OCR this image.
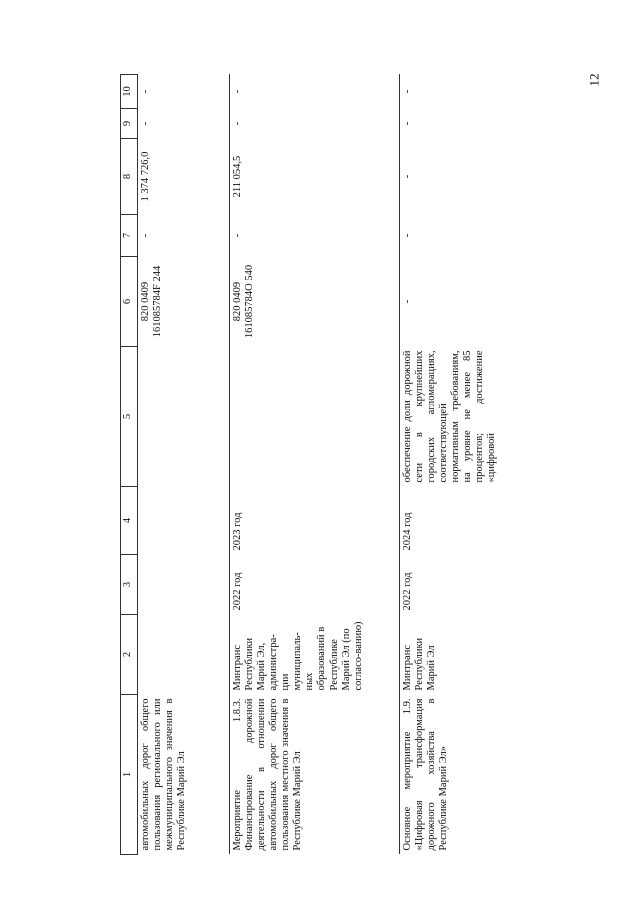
12
1	2	3	4	5	6	7	8	9	10
автомобильных дорог общего пользования регионального или межмуниципального значения в Республике Марий Эл					820 0409 161085784F 244	-	1 374 726,0	-	-
Мероприятие 1.8.3. Финансирование дорожной деятельности в отношении автомобильных дорог общего пользования местного значения в Республике Марий Эл	Минтранс Республики Марий Эл, администра-ции муниципаль-ных образований в Республике Марий Эл (по согласо-ванию)	2022 год	2023 год		820 0409 161085784O 540	-	211 054,5	-	-
Основное мероприятие 1.9. «Цифровая трансформация дорожного хозяйства в Республике Марий Эл»	Минтранс Республики Марий Эл	2022 год	2024 год	обеспечение доли дорожной сети в крупнейших городских агломерациях, соответствующей нормативным требованиям, на уровне не менее 85 процентов; достижение «цифровой	-	-	-	-	-
